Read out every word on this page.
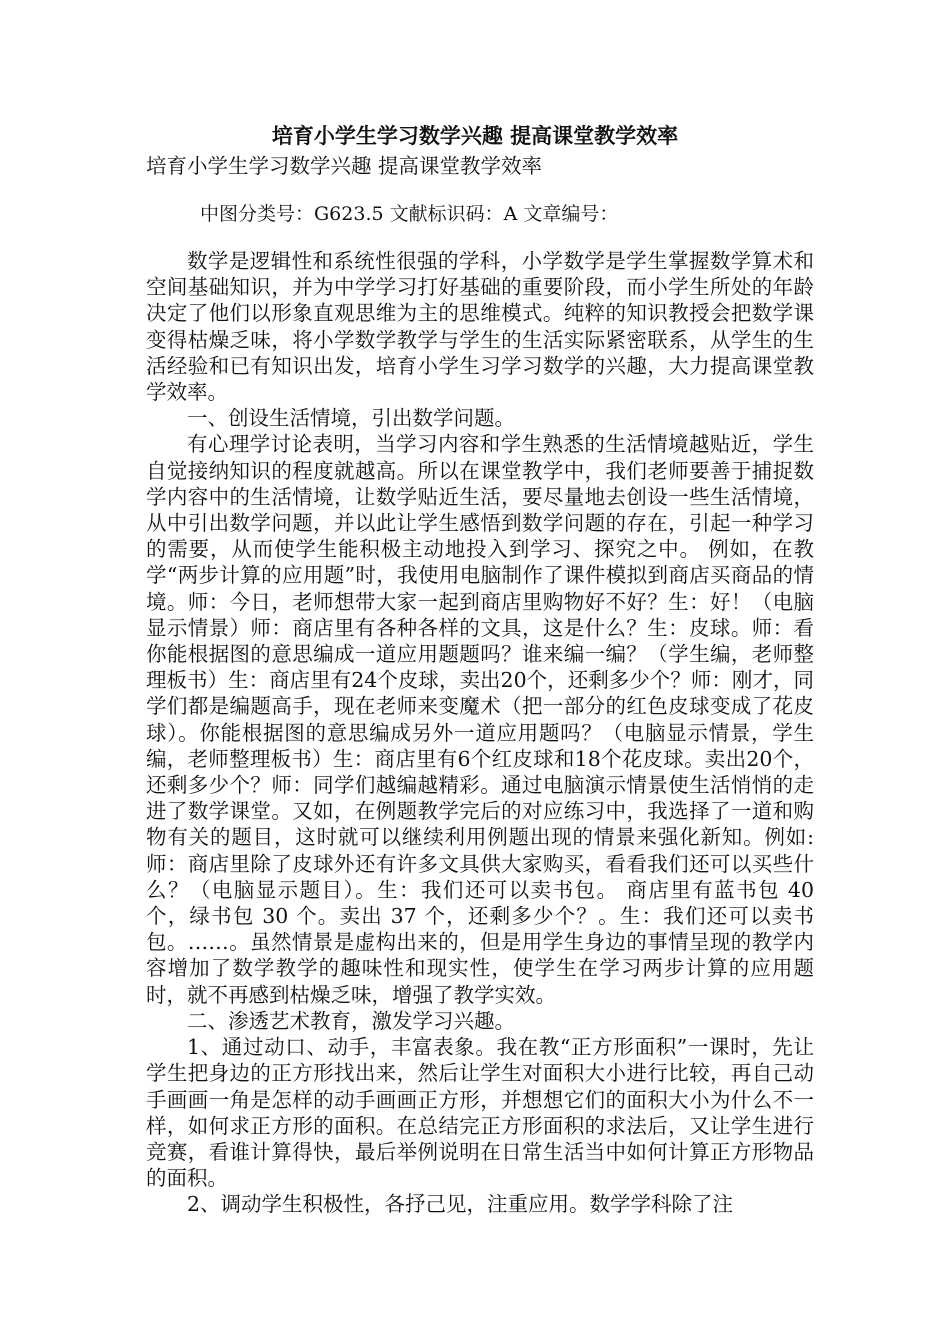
培育小学生学习数学兴趣 提高课堂教学效率
培育小学生学习数学兴趣 提高课堂教学效率
中图分类号：G623.5 文献标识码：A 文章编号：

数学是逻辑性和系统性很强的学科，小学数学是学生掌握数学算术和空间基础知识，并为中学学习打好基础的重要阶段，而小学生所处的年龄决定了他们以形象直观思维为主的思维模式。纯粹的知识教授会把数学课变得枯燥乏味，将小学数学教学与学生的生活实际紧密联系，从学生的生活经验和已有知识出发，培育小学生习学习数学的兴趣，大力提高课堂教学效率。

一、创设生活情境，引出数学问题。

有心理学讨论表明，当学习内容和学生熟悉的生活情境越贴近，学生自觉接纳知识的程度就越高。所以在课堂教学中，我们老师要善于捕捉数学内容中的生活情境，让数学贴近生活，要尽量地去创设一些生活情境，从中引出数学问题，并以此让学生感悟到数学问题的存在，引起一种学习的需要，从而使学生能积极主动地投入到学习、探究之中。 例如，在教学“两步计算的应用题”时，我使用电脑制作了课件模拟到商店买商品的情境。师：今日，老师想带大家一起到商店里购物好不好？生：好！（电脑显示情景）师：商店里有各种各样的文具，这是什么？生：皮球。师：看你能根据图的意思编成一道应用题题吗？谁来编一编？（学生编，老师整理板书）生：商店里有24个皮球，卖出20个，还剩多少个？师：刚才，同学们都是编题高手，现在老师来变魔术（把一部分的红色皮球变成了花皮球）。你能根据图的意思编成另外一道应用题吗？（电脑显示情景，学生编，老师整理板书）生：商店里有6个红皮球和18个花皮球。卖出20个，还剩多少个？师：同学们越编越精彩。通过电脑演示情景使生活悄悄的走进了数学课堂。又如，在例题教学完后的对应练习中，我选择了一道和购物有关的题目，这时就可以继续利用例题出现的情景来强化新知。例如:师：商店里除了皮球外还有许多文具供大家购买，看看我们还可以买些什么？（电脑显示题目）。生：我们还可以卖书包。 商店里有蓝书包 40 个，绿书包 30 个。卖出 37 个，还剩多少个？。生：我们还可以卖书包。……。虽然情景是虚构出来的，但是用学生身边的事情呈现的教学内容增加了数学教学的趣味性和现实性，使学生在学习两步计算的应用题时，就不再感到枯燥乏味，增强了教学实效。

二、渗透艺术教育，激发学习兴趣。

1、通过动口、动手，丰富表象。我在教“正方形面积”一课时，先让学生把身边的正方形找出来，然后让学生对面积大小进行比较，再自己动手画画一角是怎样的动手画画正方形，并想想它们的面积大小为什么不一样，如何求正方形的面积。在总结完正方形面积的求法后，又让学生进行竞赛，看谁计算得快，最后举例说明在日常生活当中如何计算正方形物品的面积。

2、调动学生积极性，各抒己见，注重应用。数学学科除了注
